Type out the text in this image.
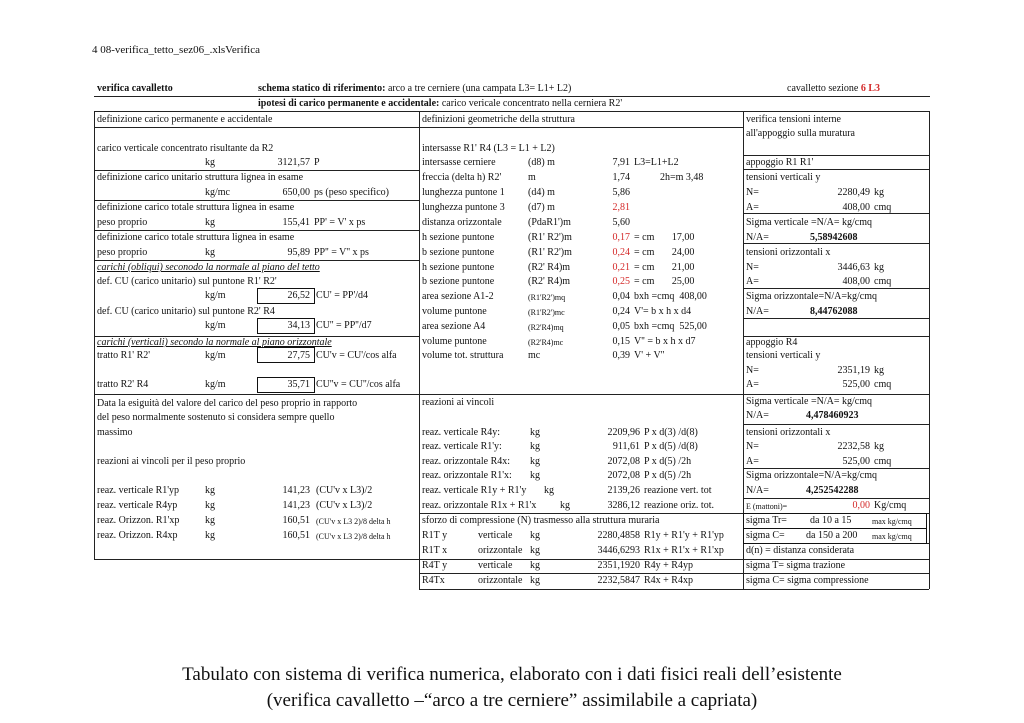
4 08-verifica_tetto_sez06_.xlsVerifica
verifica cavalletto	schema statico di riferimento: arco a tre cerniere (una campata L3= L1+ L2)	cavalletto sezione 6 L3
ipotesi di carico permanente e accidentale: carico vericale concentrato nella cerniera R2'
definizione carico permanente e accidentale
carico verticale concentrato risultante da R2
kg	3121,57 P
definizione carico unitario struttura lignea in esame
kg/mc	650,00 ps (peso specifico)
definizione carico totale struttura lignea in esame
peso proprio	kg	155,41 PP' = V' x ps
definizione carico totale struttura lignea in esame
peso proprio	kg	95,89 PP'' = V'' x ps
carichi (obliqui) seconodo la normale al piano del tetto
def. CU (carico unitario) sul puntone R1' R2'
kg/m	26,52 CU' = PP'/d4
def. CU (carico unitario) sul puntone R2' R4
kg/m	34,13 CU'' = PP''/d7
carichi (verticali) secondo la normale al piano orizzontale
tratto R1' R2'	kg/m	27,75 CU'v = CU'/cos alfa
tratto R2' R4	kg/m	35,71 CU''v = CU''/cos alfa
Data la esiguità del valore del carico del peso proprio in rapporto
del peso normalmente sostenuto si considera sempre quello
massimo
reazioni ai vincoli per il peso proprio
reaz. verticale R1'yp	kg	141,23 (CU'v x L3)/2
reaz. verticale R4yp	kg	141,23 (CU'v x L3)/2
reaz. Orizzon. R1'xp	kg	160,51 (CU'v x L3 2)/8 delta h
reaz. Orizzon. R4xp	kg	160,51 (CU'v x L3 2)/8 delta h
definizioni geometriche della struttura
intersasse R1' R4 (L3 = L1 + L2)
intersasse cerniere	(d8) m	7,91 L3=L1+L2
freccia (delta h) R2'	m	1,74	2h=m 3,48
lunghezza puntone 1 (d4) m	5,86
lunghezza puntone 3 (d7) m	2,81
distanza orizzontale	(PdaR1')m	5,60
h sezione puntone	(R1' R2')m	0,17 = cm       17,00
b sezione puntone	(R1' R2')m	0,24 = cm       24,00
h sezione puntone	(R2' R4)m	0,21 = cm       21,00
b sezione puntone	(R2' R4)m	0,25 = cm       25,00
area sezione A1-2	(R1'R2')mq	0,04 bxh =cmq  408,00
volume puntone	(R1'R2')mc	0,24 V'= b x h x d4
area sezione A4	(R2'R4)mq	0,05 bxh =cmq  525,00
volume puntone	(R2'R4)mc	0,15 V'' = b x h x d7
volume tot. struttura mc	0,39 V' + V''
reazioni ai vincoli
reaz. verticale R4y:	kg	2209,96 P x d(3) /d(8)
reaz. verticale R1'y:	kg	911,61 P x d(5) /d(8)
reaz. orizzontale R4x: kg	2072,08 P x d(5) /2h
reaz. orizzontale R1'x: kg	2072,08 P x d(5) /2h
reaz. verticale R1y + R1'y kg	2139,26 reazione vert. tot
reaz. orizzontale R1x + R1'x kg	3286,12 reazione oriz. tot.
sforzo di compressione (N) trasmesso alla struttura muraria
R1T y	verticale kg	2280,4858 R1y + R1'y + R1'yp
R1T x	orizzontale kg	3446,6293 R1x + R1'x + R1'xp
R4T y	verticale kg	2351,1920 R4y + R4yp
R4Tx	orizzontale kg	2232,5847 R4x + R4xp
verifica tensioni interne
all'appoggio sulla muratura
appoggio R1 R1'
tensioni verticali y
N=	2280,49 kg
A=	408,00 cmq
Sigma verticale =N/A= kg/cmq
N/A=	5,58942608
tensioni orizzontali x
N=	3446,63 kg
A=	408,00 cmq
Sigma orizzontale=N/A=kg/cmq
N/A=	8,44762088
appoggio R4
tensioni verticali y
N=	2351,19 kg
A=	525,00 cmq
Sigma verticale =N/A= kg/cmq
N/A=	4,478460923
tensioni orizzontali x
N=	2232,58 kg
A=	525,00 cmq
Sigma orizzontale=N/A=kg/cmq
N/A=	4,252542288
E (mattoni)=	0,00 Kg/cmq
sigma Tr= da 10 a 15	max kg/cmq
sigma C= da 150 a 200 max kg/cmq
d(n) = distanza considerata
sigma T= sigma trazione
sigma C= sigma compressione
Tabulato con sistema di verifica numerica, elaborato con i dati fisici reali dell’esistente
(verifica cavalletto –“arco a tre cerniere” assimilabile a capriata)
